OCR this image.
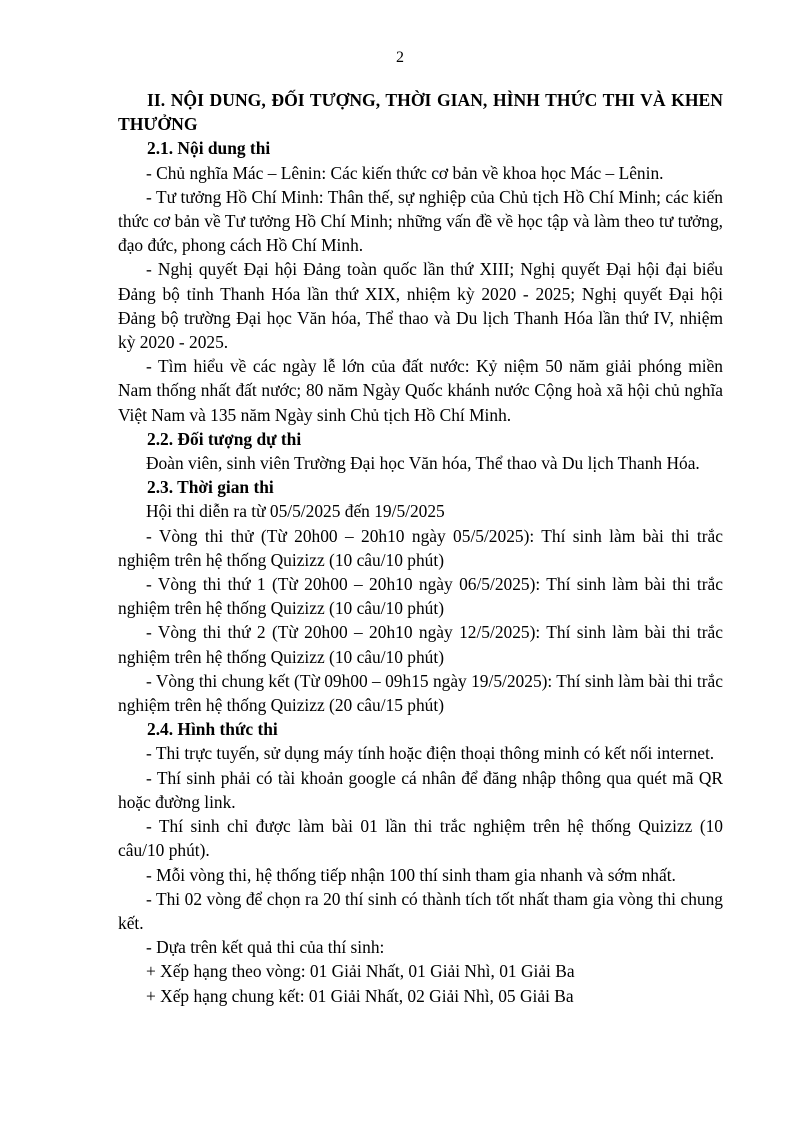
2

II. NỘI DUNG, ĐỐI TƯỢNG, THỜI GIAN, HÌNH THỨC THI VÀ KHEN THƯỞNG

2.1. Nội dung thi

- Chủ nghĩa Mác – Lênin: Các kiến thức cơ bản về khoa học Mác – Lênin.

- Tư tưởng Hồ Chí Minh: Thân thế, sự nghiệp của Chủ tịch Hồ Chí Minh; các kiến thức cơ bản về Tư tưởng Hồ Chí Minh; những vấn đề về học tập và làm theo tư tưởng, đạo đức, phong cách Hồ Chí Minh.

- Nghị quyết Đại hội Đảng toàn quốc lần thứ XIII; Nghị quyết Đại hội đại biểu Đảng bộ tỉnh Thanh Hóa lần thứ XIX, nhiệm kỳ 2020 - 2025; Nghị quyết Đại hội Đảng bộ trường Đại học Văn hóa, Thể thao và Du lịch Thanh Hóa lần thứ IV, nhiệm kỳ 2020 - 2025.

- Tìm hiểu về các ngày lễ lớn của đất nước: Kỷ niệm 50 năm giải phóng miền Nam thống nhất đất nước; 80 năm Ngày Quốc khánh nước Cộng hoà xã hội chủ nghĩa Việt Nam và 135 năm Ngày sinh Chủ tịch Hồ Chí Minh.

2.2. Đối tượng dự thi

Đoàn viên, sinh viên Trường Đại học Văn hóa, Thể thao và Du lịch Thanh Hóa.

2.3. Thời gian thi

Hội thi diễn ra từ 05/5/2025 đến 19/5/2025

- Vòng thi thử (Từ 20h00 – 20h10 ngày 05/5/2025): Thí sinh làm bài thi trắc nghiệm trên hệ thống Quizizz (10 câu/10 phút)

- Vòng thi thứ 1 (Từ 20h00 – 20h10 ngày 06/5/2025): Thí sinh làm bài thi trắc nghiệm trên hệ thống Quizizz (10 câu/10 phút)

- Vòng thi thứ 2 (Từ 20h00 – 20h10 ngày 12/5/2025): Thí sinh làm bài thi trắc nghiệm trên hệ thống Quizizz (10 câu/10 phút)

- Vòng thi chung kết (Từ 09h00 – 09h15 ngày 19/5/2025): Thí sinh làm bài thi trắc nghiệm trên hệ thống Quizizz (20 câu/15 phút)

2.4. Hình thức thi

- Thi trực tuyến, sử dụng máy tính hoặc điện thoại thông minh có kết nối internet.

- Thí sinh phải có tài khoản google cá nhân để đăng nhập thông qua quét mã QR hoặc đường link.

- Thí sinh chỉ được làm bài 01 lần thi trắc nghiệm trên hệ thống Quizizz (10 câu/10 phút).

- Mỗi vòng thi, hệ thống tiếp nhận 100 thí sinh tham gia nhanh và sớm nhất.

- Thi 02 vòng để chọn ra 20 thí sinh có thành tích tốt nhất tham gia vòng thi chung kết.

- Dựa trên kết quả thi của thí sinh:

+ Xếp hạng theo vòng: 01 Giải Nhất, 01 Giải Nhì, 01 Giải Ba

+ Xếp hạng chung kết: 01 Giải Nhất, 02 Giải Nhì, 05 Giải Ba
